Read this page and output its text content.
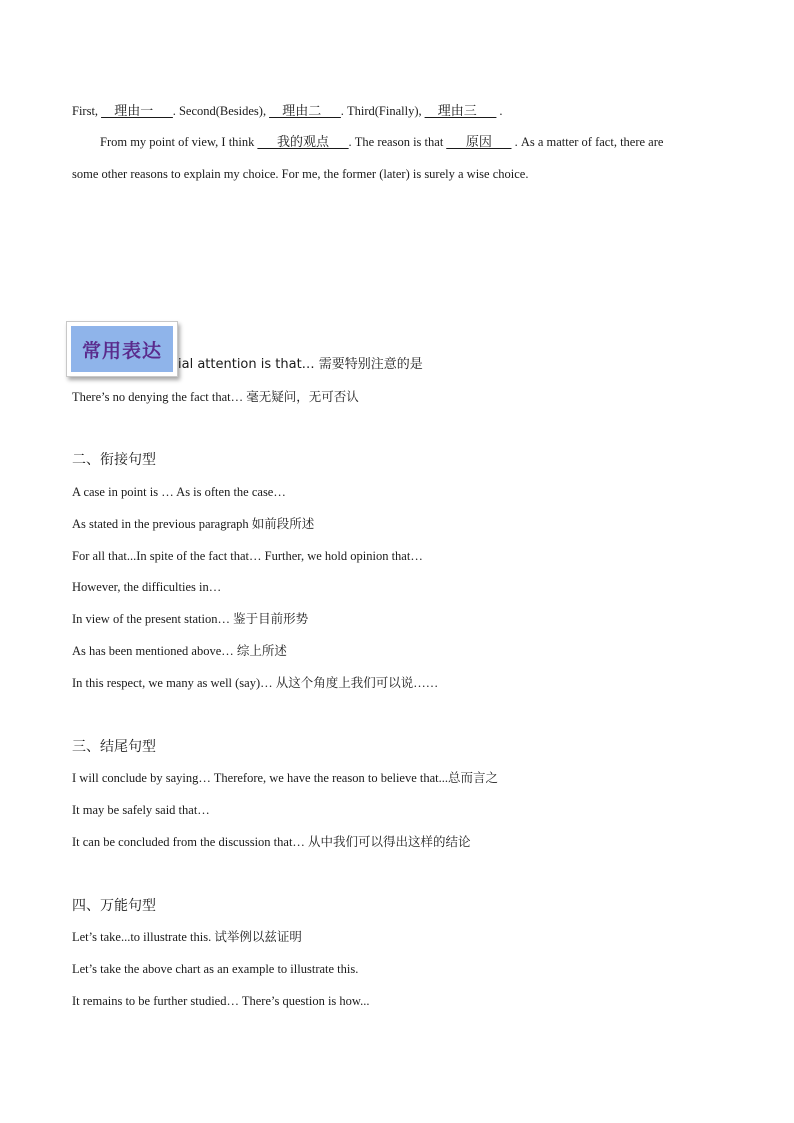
First, __理由一___. Second(Besides), __理由二___. Third(Finally), __理由三___ .
From my point of view, I think ___我的观点___. The reason is that ___原因___ . As a matter of fact, there are
some other reasons to explain my choice. For me, the former (later) is surely a wise choice.
ial attention is that… 需要特别注意的是
常用表达
There’s no denying the fact that… 毫无疑问，无可否认
二、衔接句型
A case in point is … As is often the case…
As stated in the previous paragraph 如前段所述
For all that...In spite of the fact that… Further, we hold opinion that…
However, the difficulties in…
In view of the present station… 鉴于目前形势
As has been mentioned above… 综上所述
In this respect, we many as well (say)… 从这个角度上我们可以说……
三、结尾句型
I will conclude by saying… Therefore, we have the reason to believe that...总而言之
It may be safely said that…
It can be concluded from the discussion that… 从中我们可以得出这样的结论
四、万能句型
Let’s take...to illustrate this. 试举例以兹证明
Let’s take the above chart as an example to illustrate this.
It remains to be further studied… There’s question is how...
